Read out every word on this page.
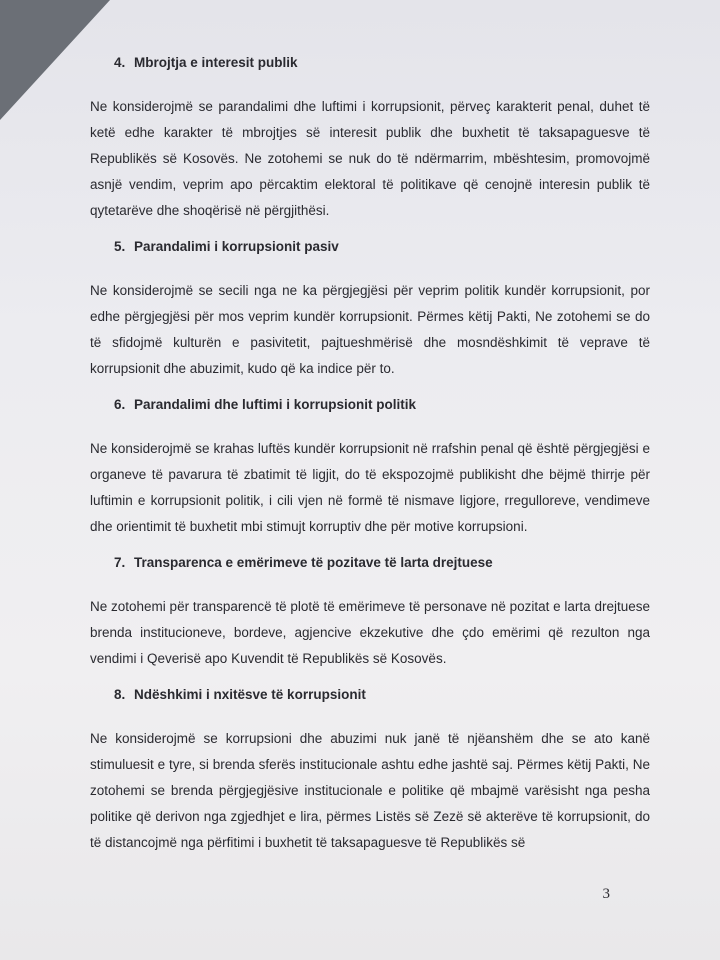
4. Mbrojtja e interesit publik

Ne konsiderojmë se parandalimi dhe luftimi i korrupsionit, përveç karakterit penal, duhet të ketë edhe karakter të mbrojtjes së interesit publik dhe buxhetit të taksapaguesve të Republikës së Kosovës. Ne zotohemi se nuk do të ndërmarrim, mbështesim, promovojmë asnjë vendim, veprim apo përcaktim elektoral të politikave që cenojnë interesin publik të qytetarëve dhe shoqërisë në përgjithësi.

5. Parandalimi i korrupsionit pasiv

Ne konsiderojmë se secili nga ne ka përgjegjësi për veprim politik kundër korrupsionit, por edhe përgjegjësi për mos veprim kundër korrupsionit. Përmes këtij Pakti, Ne zotohemi se do të sfidojmë kulturën e pasivitetit, pajtueshmërisë dhe mosndëshkimit të veprave të korrupsionit dhe abuzimit, kudo që ka indice për to.

6. Parandalimi dhe luftimi i korrupsionit politik

Ne konsiderojmë se krahas luftës kundër korrupsionit në rrafshin penal që është përgjegjësi e organeve të pavarura të zbatimit të ligjit, do të ekspozojmë publikisht dhe bëjmë thirrje për luftimin e korrupsionit politik, i cili vjen në formë të nismave ligjore, rregulloreve, vendimeve dhe orientimit të buxhetit mbi stimujt korruptiv dhe për motive korrupsioni.

7. Transparenca e emërimeve të pozitave të larta drejtuese

Ne zotohemi për transparencë të plotë të emërimeve të personave në pozitat e larta drejtuese brenda institucioneve, bordeve, agjencive ekzekutive dhe çdo emërimi që rezulton nga vendimi i Qeverisë apo Kuvendit të Republikës së Kosovës.

8. Ndëshkimi i nxitësve të korrupsionit

Ne konsiderojmë se korrupsioni dhe abuzimi nuk janë të njëanshëm dhe se ato kanë stimuluesit e tyre, si brenda sferës institucionale ashtu edhe jashtë saj. Përmes këtij Pakti, Ne zotohemi se brenda përgjegjësive institucionale e politike që mbajmë varësisht nga pesha politike që derivon nga zgjedhjet e lira, përmes Listës së Zezë së akterëve të korrupsionit, do të distancojmë nga përfitimi i buxhetit të taksapaguesve të Republikës së

3
